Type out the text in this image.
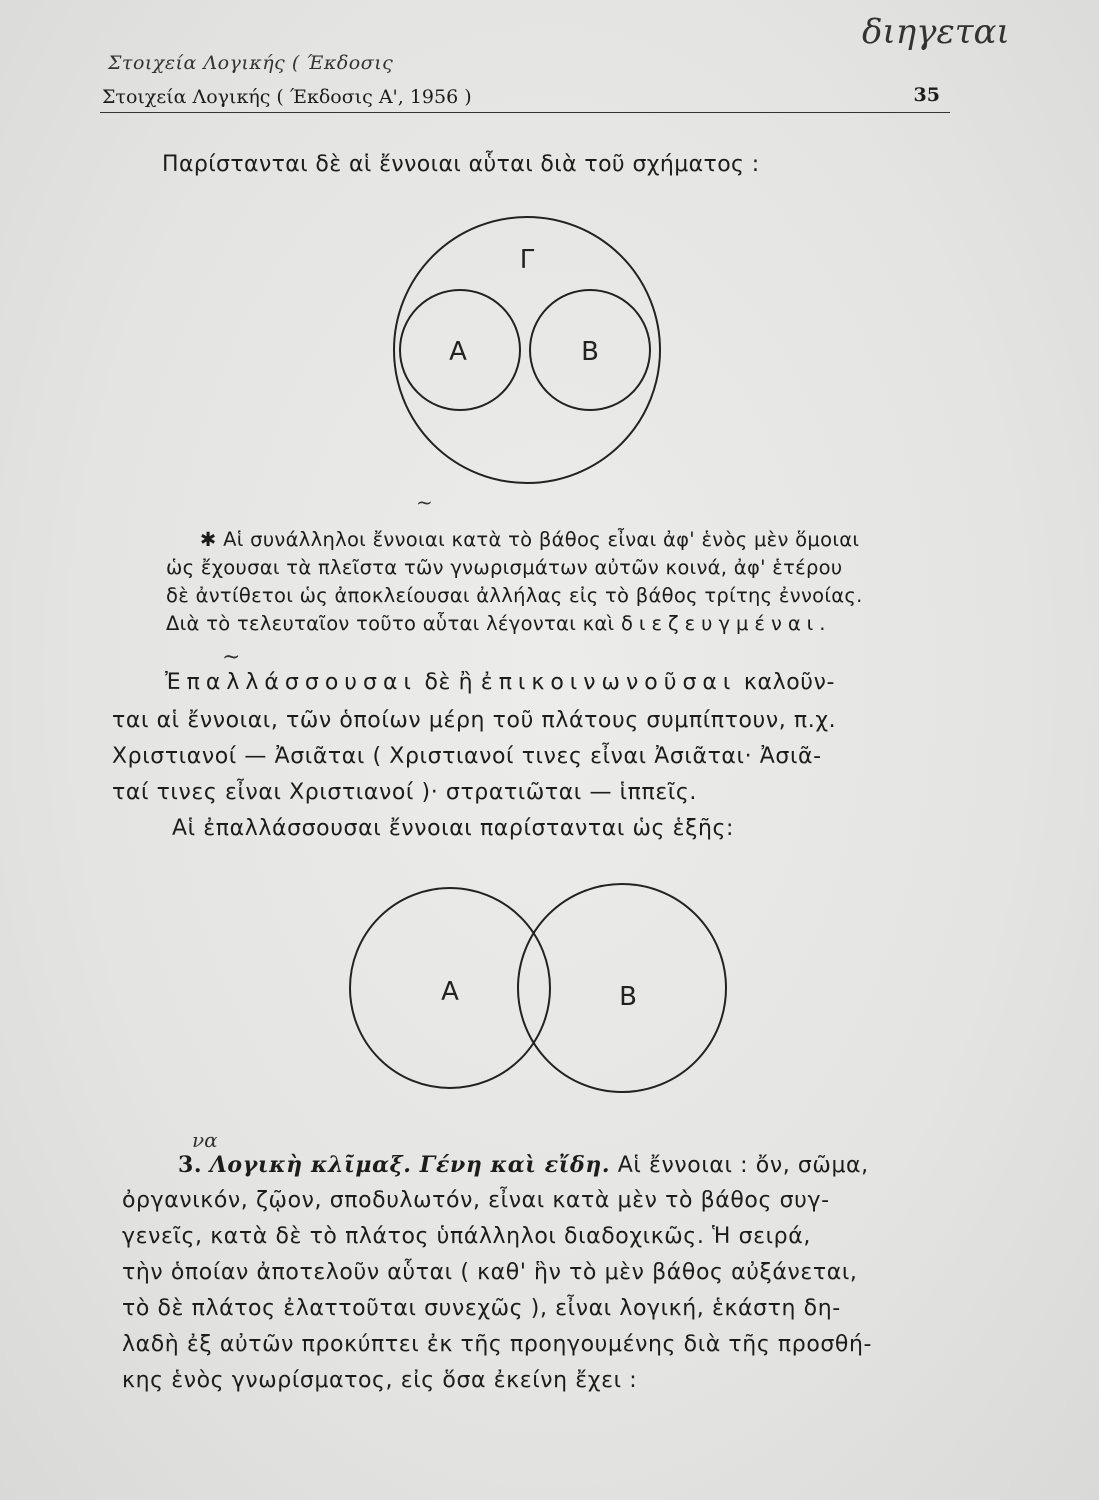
Στοιχεία Λογικής ( Έκδοσις
διηγεται
~
να
~
Στοιχεία Λογικής ( Έκδοσις Α', 1956 )	35
Παρίστανται δὲ αἱ ἔννοιαι αὗται διὰ τοῦ σχήματος :
Γ
Α	Β
✱ Αἱ συνάλληλοι ἔννοιαι κατὰ τὸ βάθος εἶναι ἀφ' ἑνὸς μὲν ὅμοιαι
ὡς ἔχουσαι τὰ πλεῖστα τῶν γνωρισμάτων αὐτῶν κοινά, ἀφ' ἑτέρου
δὲ ἀντίθετοι ὡς ἀποκλείουσαι ἀλλήλας εἰς τὸ βάθος τρίτης ἐννοίας.
Διὰ τὸ τελευταῖον τοῦτο αὗται λέγονται καὶ διεζευγμέναι.
Ἐπαλλάσσουσαι δὲ ἢ ἐπικοινωνοῦσαι καλοῦν-
ται αἱ ἔννοιαι, τῶν ὁποίων μέρη τοῦ πλάτους συμπίπτουν, π.χ.
Χριστιανοί — Ἀσιᾶται ( Χριστιανοί τινες εἶναι Ἀσιᾶται· Ἀσιᾶ-
ταί τινες εἶναι Χριστιανοί )· στρατιῶται — ἱππεῖς.
Αἱ ἐπαλλάσσουσαι ἔννοιαι παρίστανται ὡς ἑξῆς:
Α	Β
3. Λογικὴ κλῖμαξ. Γένη καὶ εἴδη. Αἱ ἔννοιαι : ὄν, σῶμα,
ὀργανικόν, ζῷον, σποδυλωτόν, εἶναι κατὰ μὲν τὸ βάθος συγ-
γενεῖς, κατὰ δὲ τὸ πλάτος ὑπάλληλοι διαδοχικῶς. Ἡ σειρά,
τὴν ὁποίαν ἀποτελοῦν αὗται ( καθ' ἣν τὸ μὲν βάθος αὐξάνεται,
τὸ δὲ πλάτος ἐλαττοῦται συνεχῶς ), εἶναι λογική, ἑκάστη δη-
λαδὴ ἐξ αὐτῶν προκύπτει ἐκ τῆς προηγουμένης διὰ τῆς προσθή-
κης ἑνὸς γνωρίσματος, εἰς ὅσα ἐκείνη ἔχει :
